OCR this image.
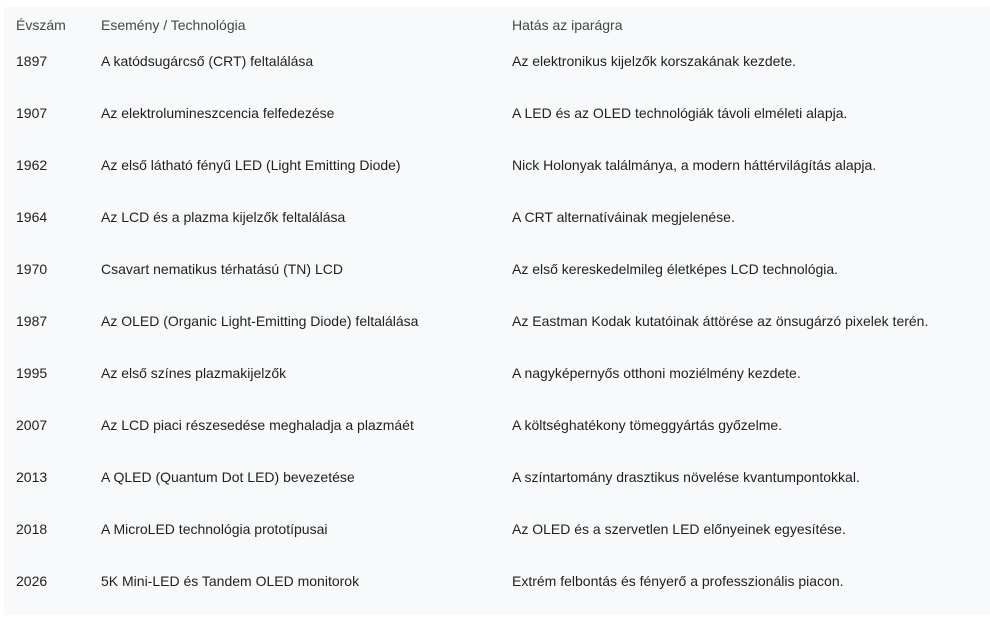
Évszám	Esemény / Technológia	Hatás az iparágra
1897	A katódsugárcső (CRT) feltalálása	Az elektronikus kijelzők korszakának kezdete.
1907	Az elektrolumineszcencia felfedezése	A LED és az OLED technológiák távoli elméleti alapja.
1962	Az első látható fényű LED (Light Emitting Diode)	Nick Holonyak találmánya, a modern háttérvilágítás alapja.
1964	Az LCD és a plazma kijelzők feltalálása	A CRT alternatíváinak megjelenése.
1970	Csavart nematikus térhatású (TN) LCD	Az első kereskedelmileg életképes LCD technológia.
1987	Az OLED (Organic Light-Emitting Diode) feltalálása	Az Eastman Kodak kutatóinak áttörése az önsugárzó pixelek terén.
1995	Az első színes plazmakijelzők	A nagyképernyős otthoni moziélmény kezdete.
2007	Az LCD piaci részesedése meghaladja a plazmáét	A költséghatékony tömeggyártás győzelme.
2013	A QLED (Quantum Dot LED) bevezetése	A színtartomány drasztikus növelése kvantumpontokkal.
2018	A MicroLED technológia prototípusai	Az OLED és a szervetlen LED előnyeinek egyesítése.
2026	5K Mini-LED és Tandem OLED monitorok	Extrém felbontás és fényerő a professzionális piacon.
